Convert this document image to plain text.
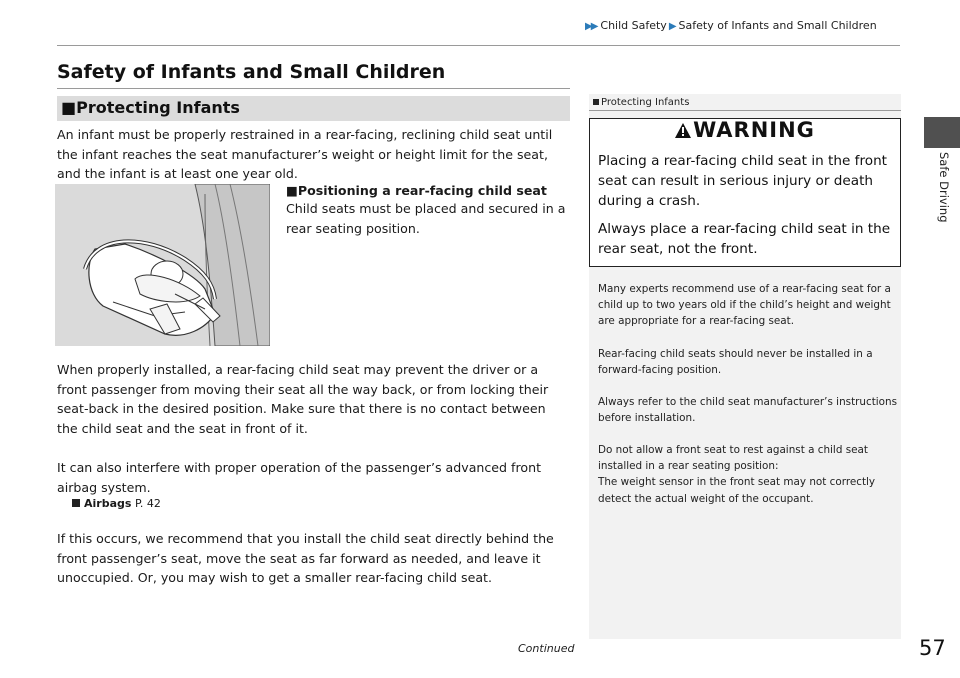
▶▶ Child Safety ▶ Safety of Infants and Small Children
Safety of Infants and Small Children
■Protecting Infants
An infant must be properly restrained in a rear-facing, reclining child seat until the infant reaches the seat manufacturer’s weight or height limit for the seat, and the infant is at least one year old.
■Positioning a rear-facing child seat
Child seats must be placed and secured in a rear seating position.
When properly installed, a rear-facing child seat may prevent the driver or a front passenger from moving their seat all the way back, or from locking their seat-back in the desired position. Make sure that there is no contact between the child seat and the seat in front of it.
It can also interfere with proper operation of the passenger’s advanced front airbag system.
Airbags P. 42
If this occurs, we recommend that you install the child seat directly behind the front passenger’s seat, move the seat as far forward as needed, and leave it unoccupied. Or, you may wish to get a smaller rear-facing child seat.
Protecting Infants
WARNING
Placing a rear-facing child seat in the front seat can result in serious injury or death during a crash.
Always place a rear-facing child seat in the rear seat, not the front.
Many experts recommend use of a rear-facing seat for a child up to two years old if the child’s height and weight are appropriate for a rear-facing seat.
Rear-facing child seats should never be installed in a forward-facing position.
Always refer to the child seat manufacturer’s instructions before installation.
Do not allow a front seat to rest against a child seat installed in a rear seating position:
The weight sensor in the front seat may not correctly detect the actual weight of the occupant.
Safe Driving
Continued	57
